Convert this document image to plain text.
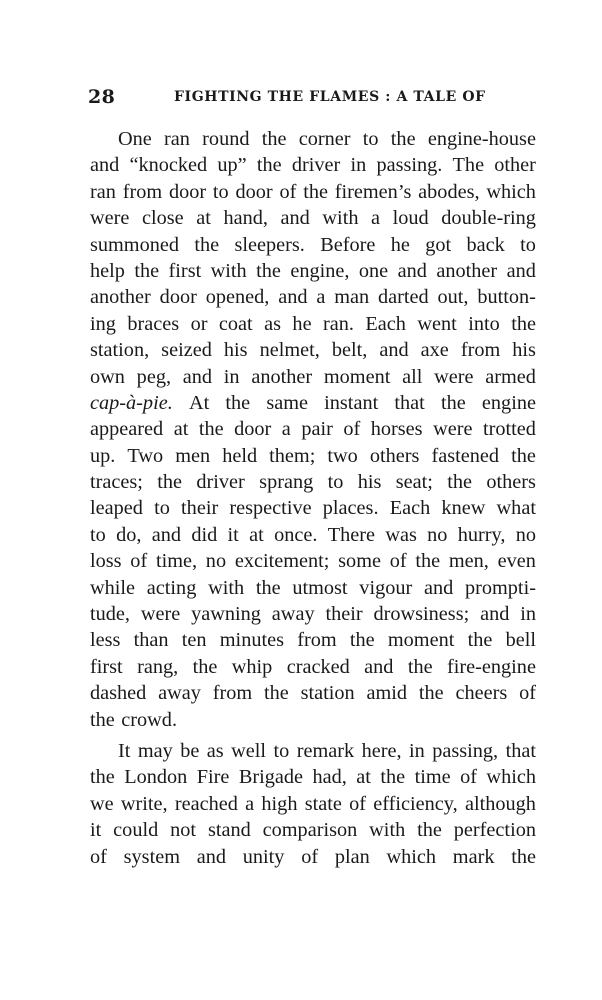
28	FIGHTING THE FLAMES : A TALE OF
One ran round the corner to the engine-house
and “knocked up” the driver in passing. The other
ran from door to door of the firemen’s abodes, which
were close at hand, and with a loud double-ring
summoned the sleepers. Before he got back to
help the first with the engine, one and another and
another door opened, and a man darted out, button-
ing braces or coat as he ran. Each went into the
station, seized his nelmet, belt, and axe from his
own peg, and in another moment all were armed
cap-à-pie. At the same instant that the engine
appeared at the door a pair of horses were trotted
up. Two men held them; two others fastened the
traces; the driver sprang to his seat; the others
leaped to their respective places. Each knew what
to do, and did it at once. There was no hurry, no
loss of time, no excitement; some of the men, even
while acting with the utmost vigour and prompti-
tude, were yawning away their drowsiness; and in
less than ten minutes from the moment the bell
first rang, the whip cracked and the fire-engine
dashed away from the station amid the cheers of
the crowd.
It may be as well to remark here, in passing, that
the London Fire Brigade had, at the time of which
we write, reached a high state of efficiency, although
it could not stand comparison with the perfection
of system and unity of plan which mark the
